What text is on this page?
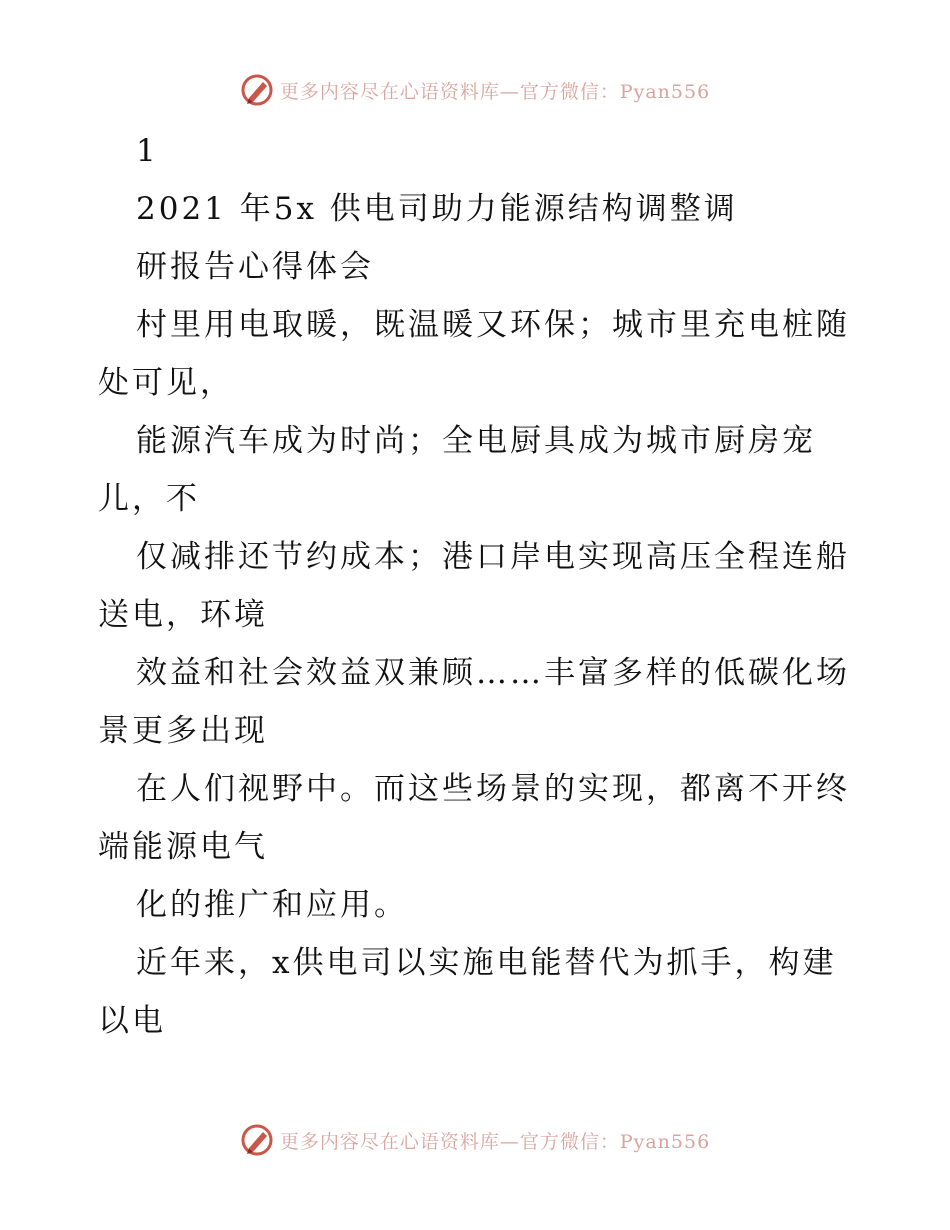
更多内容尽在心语资料库—官方微信：Pyan556
1
2021 年5x 供电司助力能源结构调整调
研报告心得体会
村里用电取暖，既温暖又环保；城市里充电桩随
处可见，
能源汽车成为时尚；全电厨具成为城市厨房宠
儿，不
仅减排还节约成本；港口岸电实现高压全程连船
送电，环境
效益和社会效益双兼顾……丰富多样的低碳化场
景更多出现
在人们视野中。而这些场景的实现，都离不开终
端能源电气
化的推广和应用。
近年来，x供电司以实施电能替代为抓手，构建
以电
更多内容尽在心语资料库—官方微信：Pyan556
